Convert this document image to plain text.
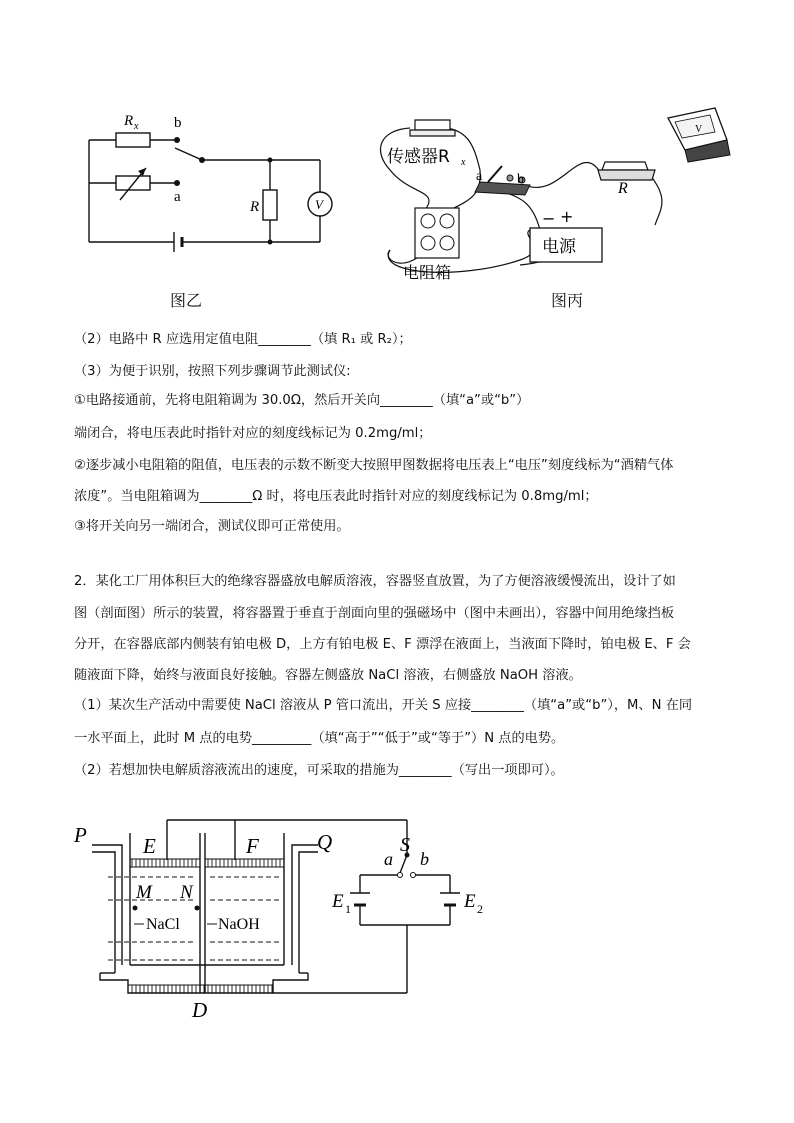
V
R x b
a
R
图乙
传感器R x
a b
R
电源
− +
电阻箱
V
图丙
（2）电路中 R 应选用定值电阻________（填 R₁ 或 R₂）；
（3）为便于识别，按照下列步骤调节此测试仪:
①电路接通前，先将电阻箱调为 30.0Ω，然后开关向________（填“a”或“b”）
端闭合，将电压表此时指针对应的刻度线标记为 0.2mg/ml；
②逐步减小电阻箱的阻值，电压表的示数不断变大按照甲图数据将电压表上“电压”刻度线标为“酒精气体
浓度”。当电阻箱调为________Ω 时，将电压表此时指针对应的刻度线标记为 0.8mg/ml；
③将开关向另一端闭合，测试仪即可正常使用。
2．某化工厂用体积巨大的绝缘容器盛放电解质溶液，容器竖直放置，为了方便溶液缓慢流出，设计了如
图（剖面图）所示的装置，将容器置于垂直于剖面向里的强磁场中（图中未画出），容器中间用绝缘挡板
分开，在容器底部内侧装有铂电极 D，上方有铂电极 E、F 漂浮在液面上，当液面下降时，铂电极 E、F 会
随液面下降，始终与液面良好接触。容器左侧盛放 NaCl 溶液，右侧盛放 NaOH 溶液。
（1）某次生产活动中需要使 NaCl 溶液从 P 管口流出，开关 S 应接________（填“a”或“b”），M、N 在同
一水平面上，此时 M 点的电势_________（填“高于”“低于”或“等于”）N 点的电势。
（2）若想加快电解质溶液流出的速度，可采取的措施为________（写出一项即可）。
P	E	F	Q
M N
NaCl NaOH
D
S
a b
E 1	E 2
